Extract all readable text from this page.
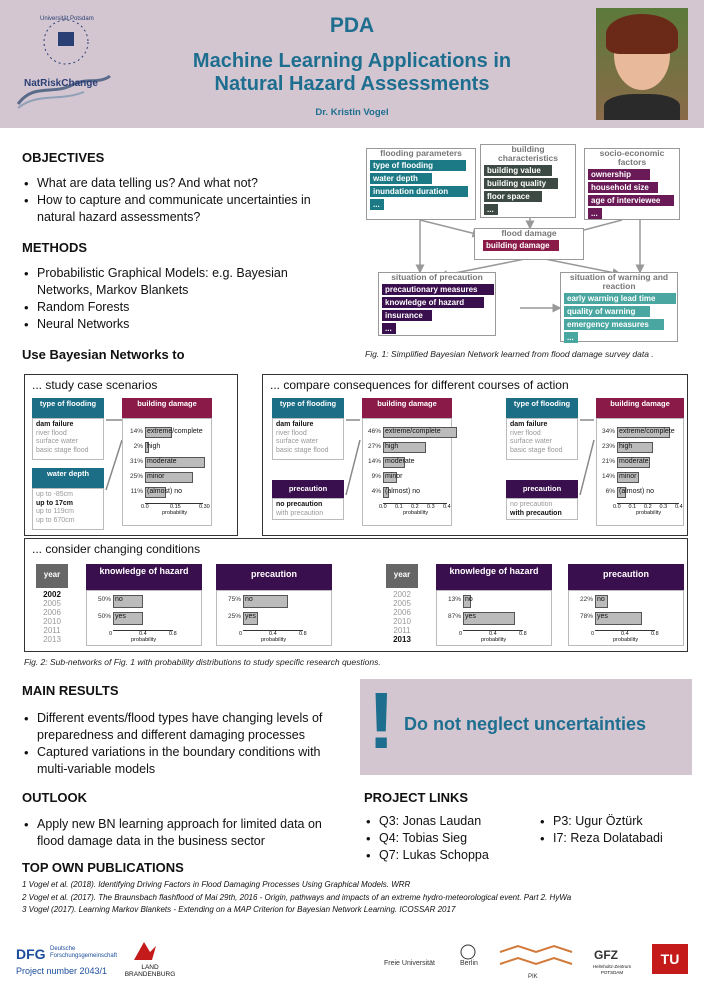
NatRiskChange
Universität Potsdam	PDA
Machine Learning Applications in
Natural Hazard Assessments
Dr. Kristin Vogel
OBJECTIVES
• What are data telling us? And what not?
• How to capture and communicate uncertainties in natural hazard assessments?
METHODS
• Probabilistic Graphical Models: e.g. Bayesian Networks, Markov Blankets
• Random Forests
• Neural Networks
Use Bayesian Networks to
flooding parameters
type of flooding
water depth
inundation duration
...
building characteristics
building value
building quality
floor space
...
socio-economic factors
ownership
household size
age of interviewee
...
flood damage
building damage
situation of precaution
precautionary measures
knowledge of hazard
insurance
...
situation of warning and reaction
early warning lead time
quality of warning
emergency measures
...
Fig. 1: Simplified Bayesian Network learned from flood damage survey data .
... study case scenarios
type of flooding
dam failure
river flood
surface water
basic stage flood
water depth
up to -85cm
up to 17cm
up to 119cm
up to 670cm
building damage
14% extreme/complete
2% high
31% moderate
25% minor
11% (almost) no
0.0	0.15	0.30
probability
... compare consequences for different courses of action
type of flooding
dam failure
river flood
surface water
basic stage flood
precaution
no precaution
with precaution
building damage
46% extreme/complete
27% high
14% moderate
9% minor
4% (almost) no
0.0 0.1 0.2 0.3 0.4
probability
type of flooding
dam failure
river flood
surface water
basic stage flood
precaution
no precaution
with precaution
building damage
34% extreme/complete
23% high
21% moderate
14% minor
6% (almost) no
0.0 0.1 0.2 0.3 0.4
probability
... consider changing conditions
year
2002
2005
2006
2010
2011
2013
knowledge of hazard
50% no
50% yes
0	0.4	0.8
probability
precaution
75% no
25% yes
0	0.4	0.8
probability
year
2002
2005
2006
2010
2011
2013
knowledge of hazard
13% no
87% yes
0	0.4	0.8
probability
precaution
22% no
78% yes
0	0.4	0.8
probability
Fig. 2: Sub-networks of Fig. 1 with probability distributions to study specific research questions.
MAIN RESULTS
• Different events/flood types have changing levels of preparedness and different damaging processes
• Captured variations in the boundary conditions with multi-variable models
! Do not neglect uncertainties
OUTLOOK
• Apply new BN learning approach for limited data on flood damage data in the business sector
PROJECT LINKS
• Q3: Jonas Laudan
• Q4: Tobias Sieg
• Q7: Lukas Schoppa
• P3: Ugur Öztürk
• I7: Reza Dolatabadi
TOP OWN PUBLICATIONS
1 Vogel et al. (2018). Identifying Driving Factors in Flood Damaging Processes Using Graphical Models. WRR
2 Vogel et al. (2017). The Braunsbach flashflood of Mai 29th, 2016 - Origin, pathways and impacts of an extreme hydro-meteorological event. Part 2. HyWa
3 Vogel (2017). Learning Markov Blankets - Extending on a MAP Criterion for Bayesian Network Learning. ICOSSAR 2017
DFG Deutsche Forschungsgemeinschaft
Project number 2043/1	LAND BRANDENBURG
Freie Universität	Berlin
PIK
GFZ
Helmholtz-Zentrum POTSDAM
TU
